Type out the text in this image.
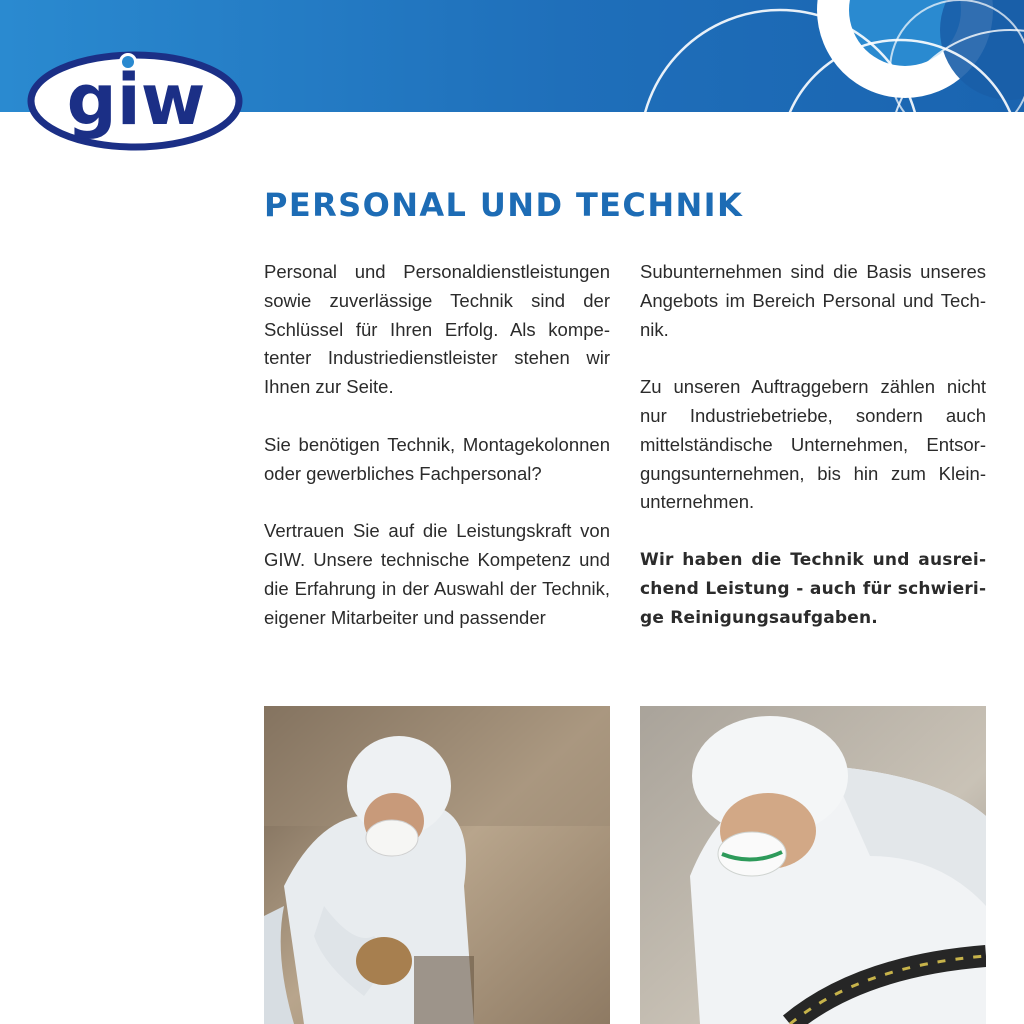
giw
PERSONAL UND TECHNIK

Personal und Personaldienstleistungen sowie zuverlässige Technik sind der Schlüssel für Ihren Erfolg. Als kompetenter Industriedienstleister stehen wir Ihnen zur Seite.

Sie benötigen Technik, Montagekolonnen oder gewerbliches Fachpersonal?

Vertrauen Sie auf die Leistungskraft von GIW. Unsere technische Kompetenz und die Erfahrung in der Auswahl der Technik, eigener Mitarbeiter und passender

Subunternehmen sind die Basis unseres Angebots im Bereich Personal und Technik.

Zu unseren Auftraggebern zählen nicht nur Industriebetriebe, sondern auch mittelständische Unternehmen, Entsorgungsunternehmen, bis hin zum Kleinunternehmen.

Wir haben die Technik und ausreichend Leistung - auch für schwierige Reinigungsaufgaben.
